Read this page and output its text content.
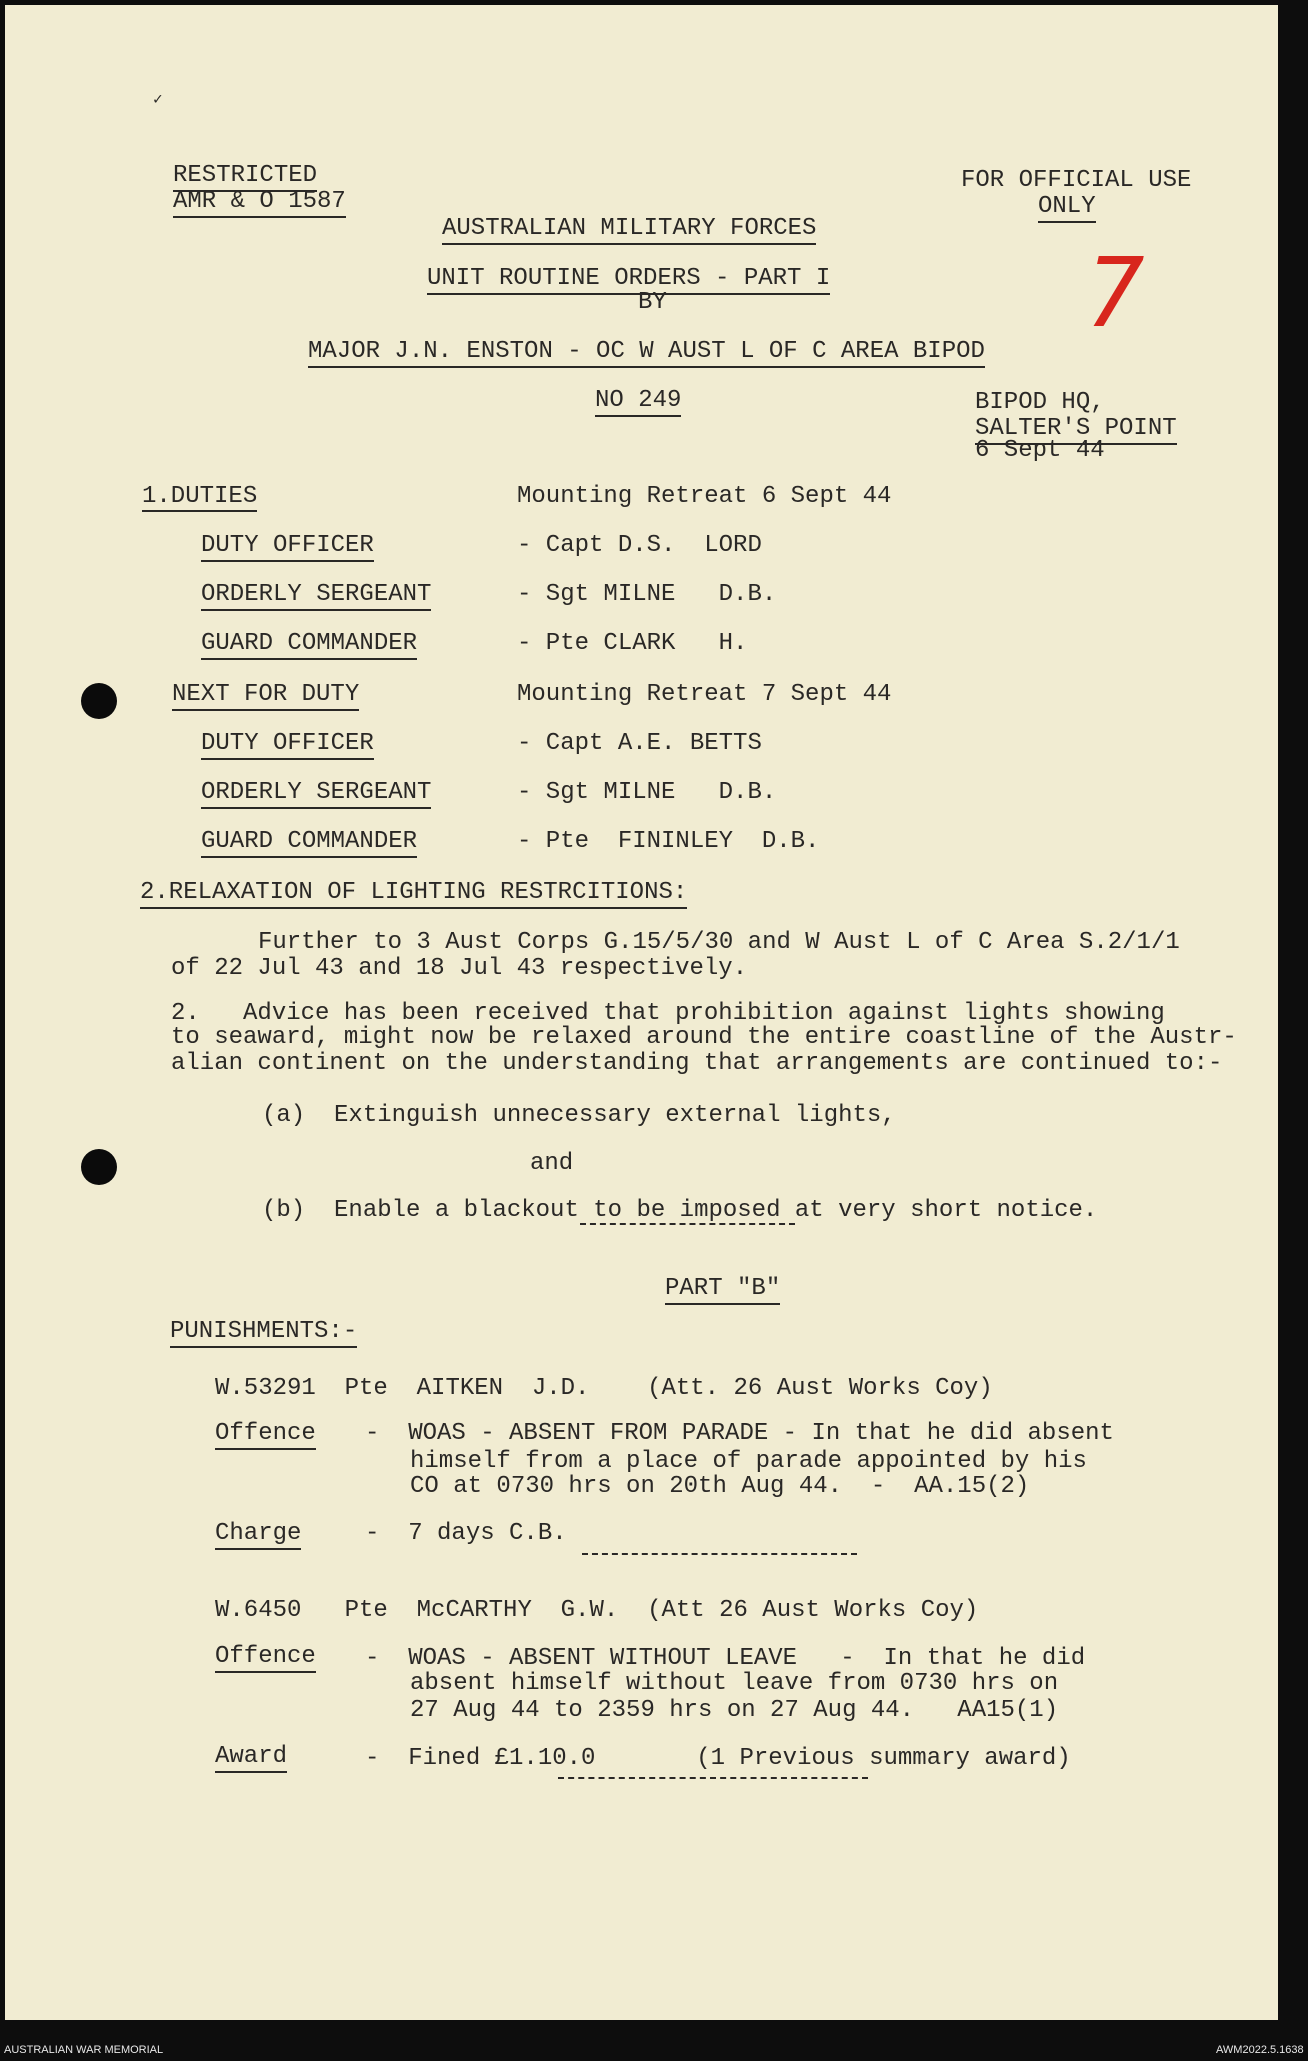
✓
RESTRICTED
AMR & O 1587
FOR OFFICIAL USE
ONLY
AUSTRALIAN MILITARY FORCES
UNIT ROUTINE ORDERS - PART I
BY
MAJOR J.N. ENSTON - OC W AUST L OF C AREA BIPOD
NO 249	BIPOD HQ,
SALTER'S POINT
6 Sept 44
7
1.DUTIES	Mounting Retreat 6 Sept 44
DUTY OFFICER	- Capt D.S.  LORD
ORDERLY SERGEANT	- Sgt MILNE   D.B.
GUARD COMMANDER	- Pte CLARK   H.
NEXT FOR DUTY	Mounting Retreat 7 Sept 44
DUTY OFFICER	- Capt A.E. BETTS
ORDERLY SERGEANT	- Sgt MILNE   D.B.
GUARD COMMANDER	- Pte  FININLEY  D.B.
2.RELAXATION OF LIGHTING RESTRCITIONS:
Further to 3 Aust Corps G.15/5/30 and W Aust L of C Area S.2/1/1
of 22 Jul 43 and 18 Jul 43 respectively.
2.   Advice has been received that prohibition against lights showing
to seaward, might now be relaxed around the entire coastline of the Austr-
alian continent on the understanding that arrangements are continued to:-
(a)  Extinguish unnecessary external lights,
and
(b)  Enable a blackout to be imposed at very short notice.
PART "B"
PUNISHMENTS:-
W.53291  Pte  AITKEN  J.D.    (Att. 26 Aust Works Coy)
Offence -  WOAS - ABSENT FROM PARADE - In that he did absent
himself from a place of parade appointed by his
CO at 0730 hrs on 20th Aug 44.  -  AA.15(2)
Charge	-  7 days C.B.
W.6450   Pte  McCARTHY  G.W.  (Att 26 Aust Works Coy)
Offence -  WOAS - ABSENT WITHOUT LEAVE   -  In that he did
absent himself without leave from 0730 hrs on
27 Aug 44 to 2359 hrs on 27 Aug 44.   AA15(1)
Award	-  Fined £1.10.0       (1 Previous summary award)
AUSTRALIAN WAR MEMORIAL	AWM2022.5.1638
